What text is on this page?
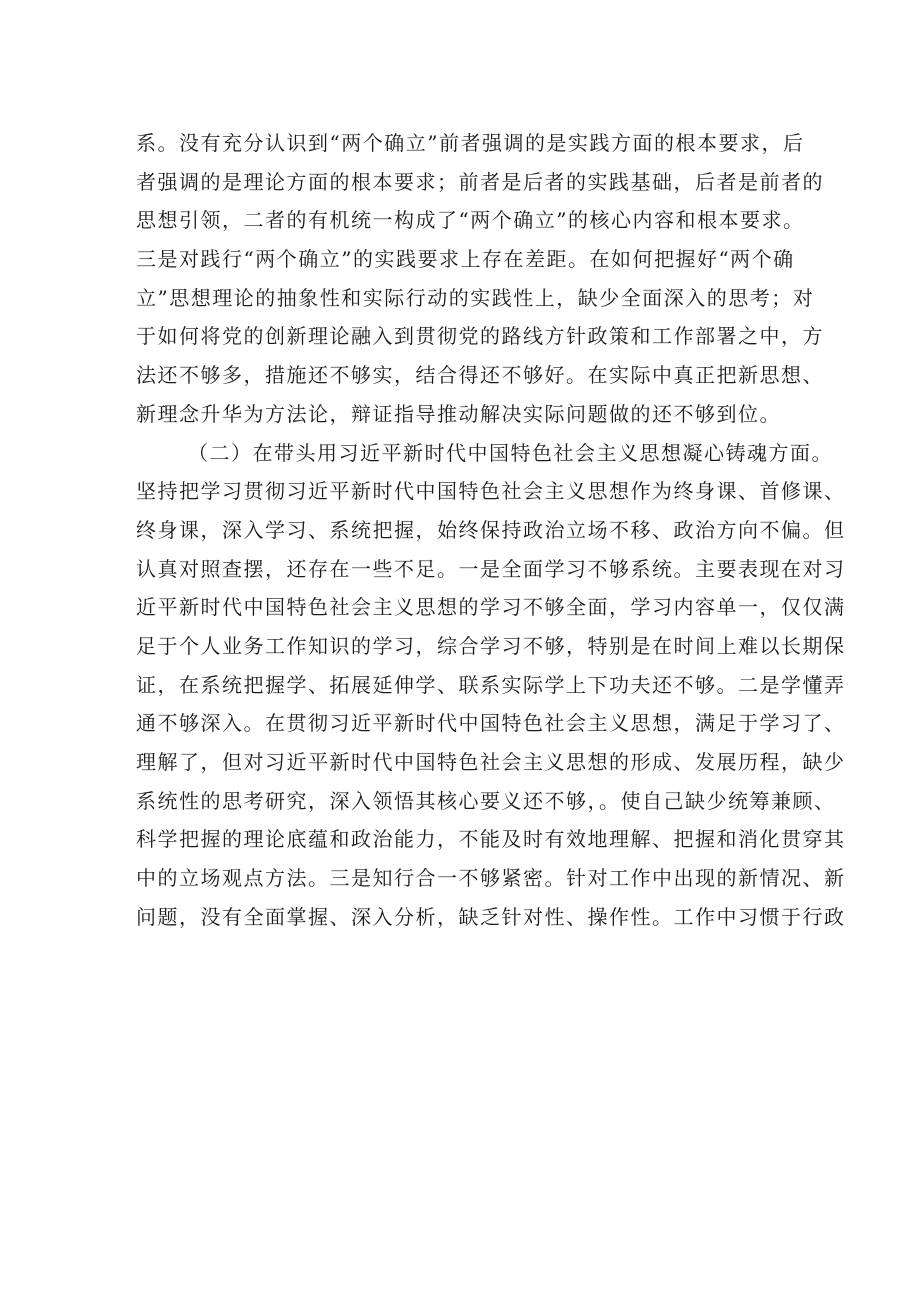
系。没有充分认识到“两个确立”前者强调的是实践方面的根本要求，后
者强调的是理论方面的根本要求；前者是后者的实践基础，后者是前者的
思想引领，二者的有机统一构成了“两个确立”的核心内容和根本要求。
三是对践行“两个确立”的实践要求上存在差距。在如何把握好“两个确
立”思想理论的抽象性和实际行动的实践性上，缺少全面深入的思考；对
于如何将党的创新理论融入到贯彻党的路线方针政策和工作部署之中，方
法还不够多，措施还不够实，结合得还不够好。在实际中真正把新思想、
新理念升华为方法论，辩证指导推动解决实际问题做的还不够到位。
（二）在带头用习近平新时代中国特色社会主义思想凝心铸魂方面。
坚持把学习贯彻习近平新时代中国特色社会主义思想作为终身课、首修课、
终身课，深入学习、系统把握，始终保持政治立场不移、政治方向不偏。但
认真对照查摆，还存在一些不足。一是全面学习不够系统。主要表现在对习
近平新时代中国特色社会主义思想的学习不够全面，学习内容单一，仅仅满
足于个人业务工作知识的学习，综合学习不够，特别是在时间上难以长期保
证，在系统把握学、拓展延伸学、联系实际学上下功夫还不够。二是学懂弄
通不够深入。在贯彻习近平新时代中国特色社会主义思想，满足于学习了、
理解了，但对习近平新时代中国特色社会主义思想的形成、发展历程，缺少
系统性的思考研究，深入领悟其核心要义还不够，。使自己缺少统筹兼顾、
科学把握的理论底蕴和政治能力，不能及时有效地理解、把握和消化贯穿其
中的立场观点方法。三是知行合一不够紧密。针对工作中出现的新情况、新
问题，没有全面掌握、深入分析，缺乏针对性、操作性。工作中习惯于行政
